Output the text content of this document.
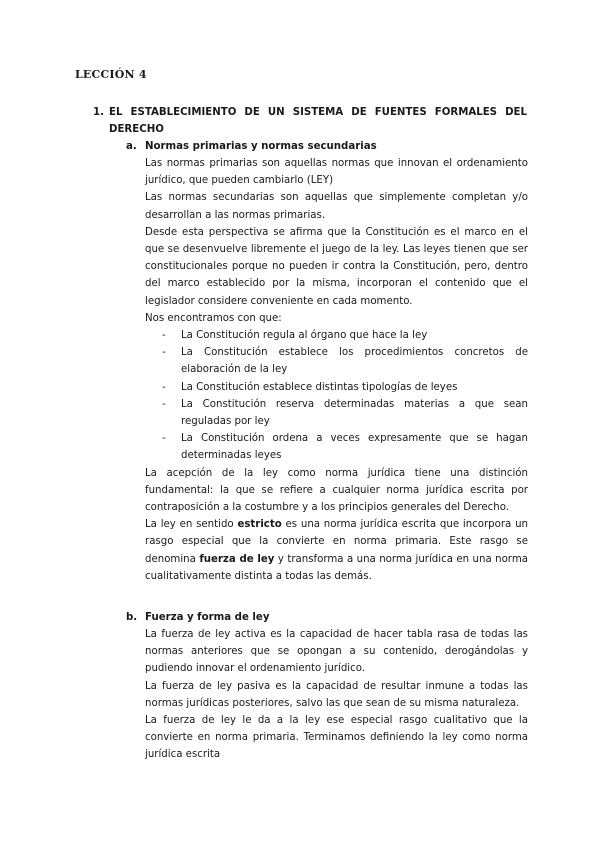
LECCIÓN 4
1. EL ESTABLECIMIENTO DE UN SISTEMA DE FUENTES FORMALES DEL DERECHO
a. Normas primarias y normas secundarias

Las normas primarias son aquellas normas que innovan el ordenamiento jurídico, que pueden cambiarlo (LEY)

Las normas secundarias son aquellas que simplemente completan y/o desarrollan a las normas primarias.

Desde esta perspectiva se afirma que la Constitución es el marco en el que se desenvuelve libremente el juego de la ley. Las leyes tienen que ser constitucionales porque no pueden ir contra la Constitución, pero, dentro del marco establecido por la misma, incorporan el contenido que el legislador considere conveniente en cada momento.

Nos encontramos con que:

- La Constitución regula al órgano que hace la ley
- La Constitución establece los procedimientos concretos de elaboración de la ley
- La Constitución establece distintas tipologías de leyes
- La Constitución reserva determinadas materias a que sean reguladas por ley
- La Constitución ordena a veces expresamente que se hagan determinadas leyes

La acepción de la ley como norma jurídica tiene una distinción fundamental: la que se refiere a cualquier norma jurídica escrita por contraposición a la costumbre y a los principios generales del Derecho.

La ley en sentido estricto es una norma jurídica escrita que incorpora un rasgo especial que la convierte en norma primaria. Este rasgo se denomina fuerza de ley y transforma a una norma jurídica en una norma cualitativamente distinta a todas las demás.

b. Fuerza y forma de ley

La fuerza de ley activa es la capacidad de hacer tabla rasa de todas las normas anteriores que se opongan a su contenido, derogándolas y pudiendo innovar el ordenamiento jurídico.

La fuerza de ley pasiva es la capacidad de resultar inmune a todas las normas jurídicas posteriores, salvo las que sean de su misma naturaleza.

La fuerza de ley le da a la ley ese especial rasgo cualitativo que la convierte en norma primaria. Terminamos definiendo la ley como norma jurídica escrita
